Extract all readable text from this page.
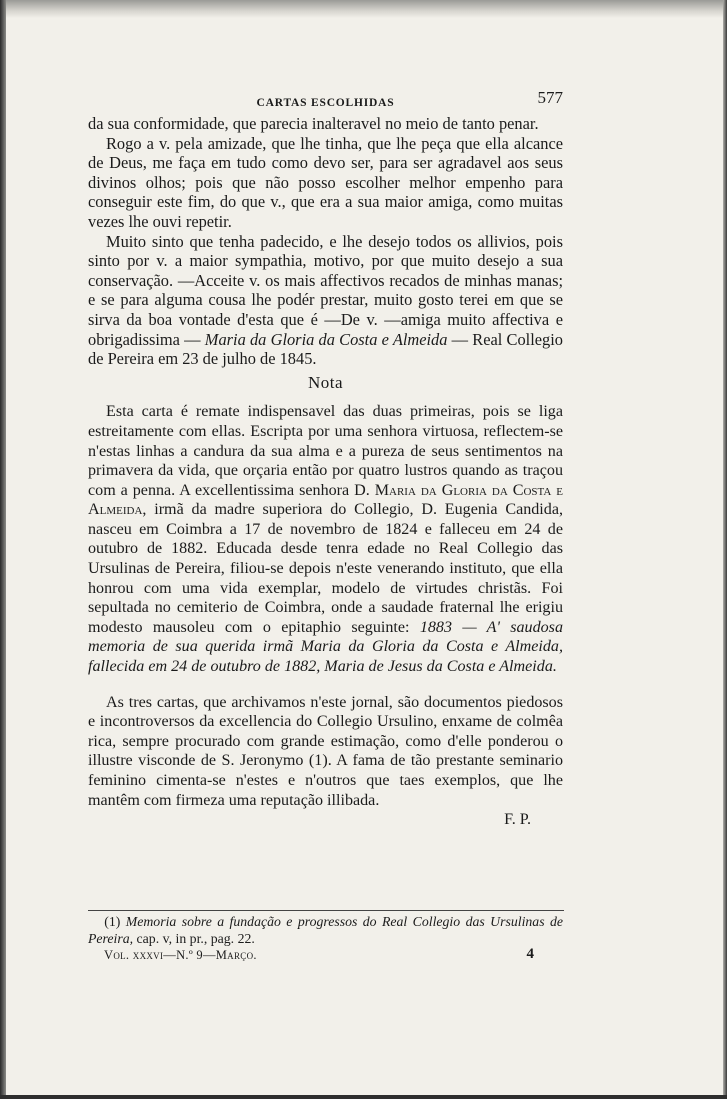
CARTAS ESCOLHIDAS	577

da sua conformidade, que parecia inalteravel no meio de tanto penar.

Rogo a v. pela amizade, que lhe tinha, que lhe peça que ella alcance de Deus, me faça em tudo como devo ser, para ser agradavel aos seus divinos olhos; pois que não posso escolher melhor empenho para conseguir este fim, do que v., que era a sua maior amiga, como muitas vezes lhe ouvi repetir.

Muito sinto que tenha padecido, e lhe desejo todos os allivios, pois sinto por v. a maior sympathia, motivo, por que muito desejo a sua conservação. —Acceite v. os mais affectivos recados de minhas manas; e se para alguma cousa lhe podér prestar, muito gosto terei em que se sirva da boa vontade d'esta que é —De v. —amiga muito affectiva e obrigadissima — Maria da Gloria da Costa e Almeida — Real Collegio de Pereira em 23 de julho de 1845.

Nota

Esta carta é remate indispensavel das duas primeiras, pois se liga estreitamente com ellas. Escripta por uma senhora virtuosa, reflectem-se n'estas linhas a candura da sua alma e a pureza de seus sentimentos na primavera da vida, que orçaria então por quatro lustros quando as traçou com a penna. A excellentissima senhora D. Maria da Gloria da Costa e Almeida, irmã da madre superiora do Collegio, D. Eugenia Candida, nasceu em Coimbra a 17 de novembro de 1824 e falleceu em 24 de outubro de 1882. Educada desde tenra edade no Real Collegio das Ursulinas de Pereira, filiou-se depois n'este venerando instituto, que ella honrou com uma vida exemplar, modelo de virtudes christãs. Foi sepultada no cemiterio de Coimbra, onde a saudade fraternal lhe erigiu modesto mausoleu com o epitaphio seguinte: 1883 — A' saudosa memoria de sua querida irmã Maria da Gloria da Costa e Almeida, fallecida em 24 de outubro de 1882, Maria de Jesus da Costa e Almeida.

As tres cartas, que archivamos n'este jornal, são documentos piedosos e incontroversos da excellencia do Collegio Ursulino, enxame de colmêa rica, sempre procurado com grande estimação, como d'elle ponderou o illustre visconde de S. Jeronymo (1). A fama de tão prestante seminario feminino cimenta-se n'estes e n'outros que taes exemplos, que lhe mantêm com firmeza uma reputação illibada.

F. P.

(1) Memoria sobre a fundação e progressos do Real Collegio das Ursulinas de Pereira, cap. v, in pr., pag. 22.
Vol. xxxvi—N.º 9—Março.	4
